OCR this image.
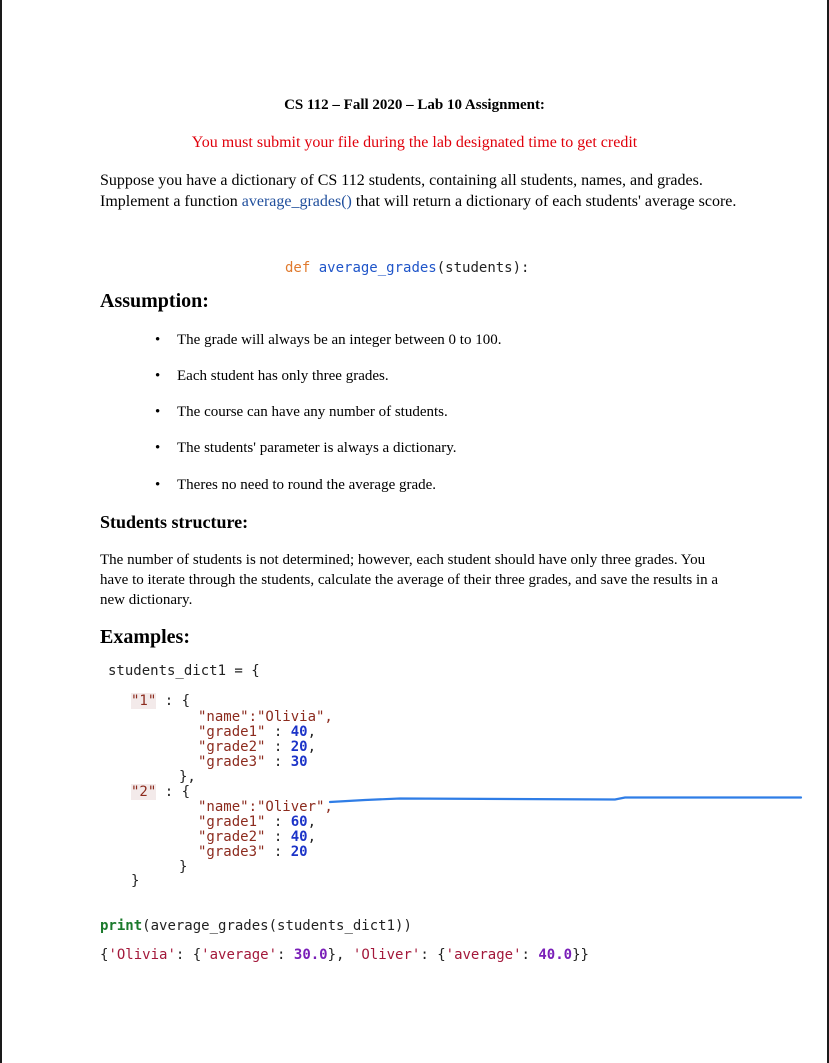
CS 112 – Fall 2020 – Lab 10 Assignment:
You must submit your file during the lab designated time to get credit
Suppose you have a dictionary of CS 112 students, containing all students, names, and grades. Implement a function average_grades() that will return a dictionary of each students' average score.
def average_grades(students):
Assumption:
• The grade will always be an integer between 0 to 100.
• Each student has only three grades.
• The course can have any number of students.
• The students' parameter is always a dictionary.
• Theres no need to round the average grade.
Students structure:
The number of students is not determined; however, each student should have only three grades. You have to iterate through the students, calculate the average of their three grades, and save the results in a new dictionary.
Examples:
students_dict1 = {
"1" : {
"name":"Olivia",
"grade1" : 40,
"grade2" : 20,
"grade3" : 30
},
"2" : {
"name":"Oliver",
"grade1" : 60,
"grade2" : 40,
"grade3" : 20
}
}
print(average_grades(students_dict1))
{'Olivia': {'average': 30.0}, 'Oliver': {'average': 40.0}}
